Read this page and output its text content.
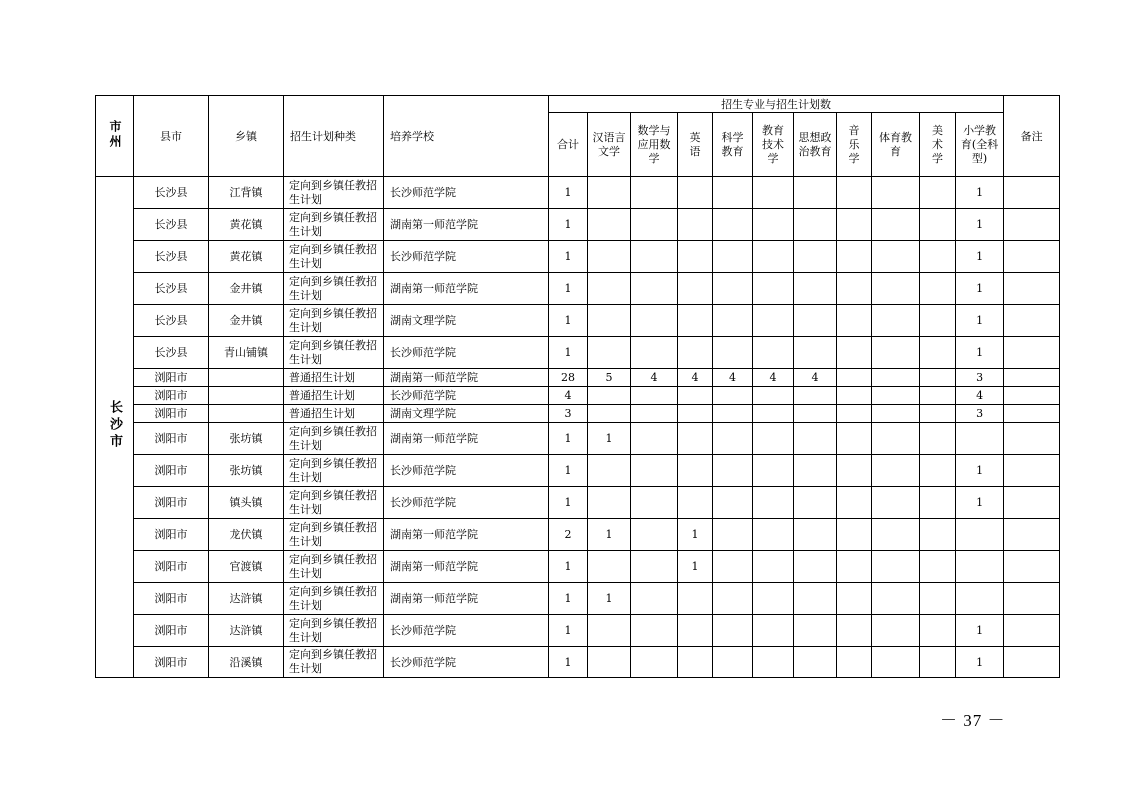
市州	县市	乡镇	招生计划种类	培养学校	招生专业与招生计划数											备注
					合计	汉语言文学	数学与应用数学	英语	科学教育	教育技术学	思想政治教育	音乐学	体育教育	美术学	小学教育(全科型)	
长沙市	长沙县	江背镇	定向到乡镇任教招生计划	长沙师范学院	1										1	
	长沙县	黄花镇	定向到乡镇任教招生计划	湖南第一师范学院	1										1	
	长沙县	黄花镇	定向到乡镇任教招生计划	长沙师范学院	1										1	
	长沙县	金井镇	定向到乡镇任教招生计划	湖南第一师范学院	1										1	
	长沙县	金井镇	定向到乡镇任教招生计划	湖南文理学院	1										1	
	长沙县	青山铺镇	定向到乡镇任教招生计划	长沙师范学院	1										1	
	浏阳市		普通招生计划	湖南第一师范学院	28	5	4	4	4	4	4				3	
	浏阳市		普通招生计划	长沙师范学院	4										4	
	浏阳市		普通招生计划	湖南文理学院	3										3	
	浏阳市	张坊镇	定向到乡镇任教招生计划	湖南第一师范学院	1	1										
	浏阳市	张坊镇	定向到乡镇任教招生计划	长沙师范学院	1										1	
	浏阳市	镇头镇	定向到乡镇任教招生计划	长沙师范学院	1										1	
	浏阳市	龙伏镇	定向到乡镇任教招生计划	湖南第一师范学院	2	1		1								
	浏阳市	官渡镇	定向到乡镇任教招生计划	湖南第一师范学院	1			1								
	浏阳市	达浒镇	定向到乡镇任教招生计划	湖南第一师范学院	1	1										
	浏阳市	达浒镇	定向到乡镇任教招生计划	长沙师范学院	1										1	
	浏阳市	沿溪镇	定向到乡镇任教招生计划	长沙师范学院	1										1	
－ 37 －
